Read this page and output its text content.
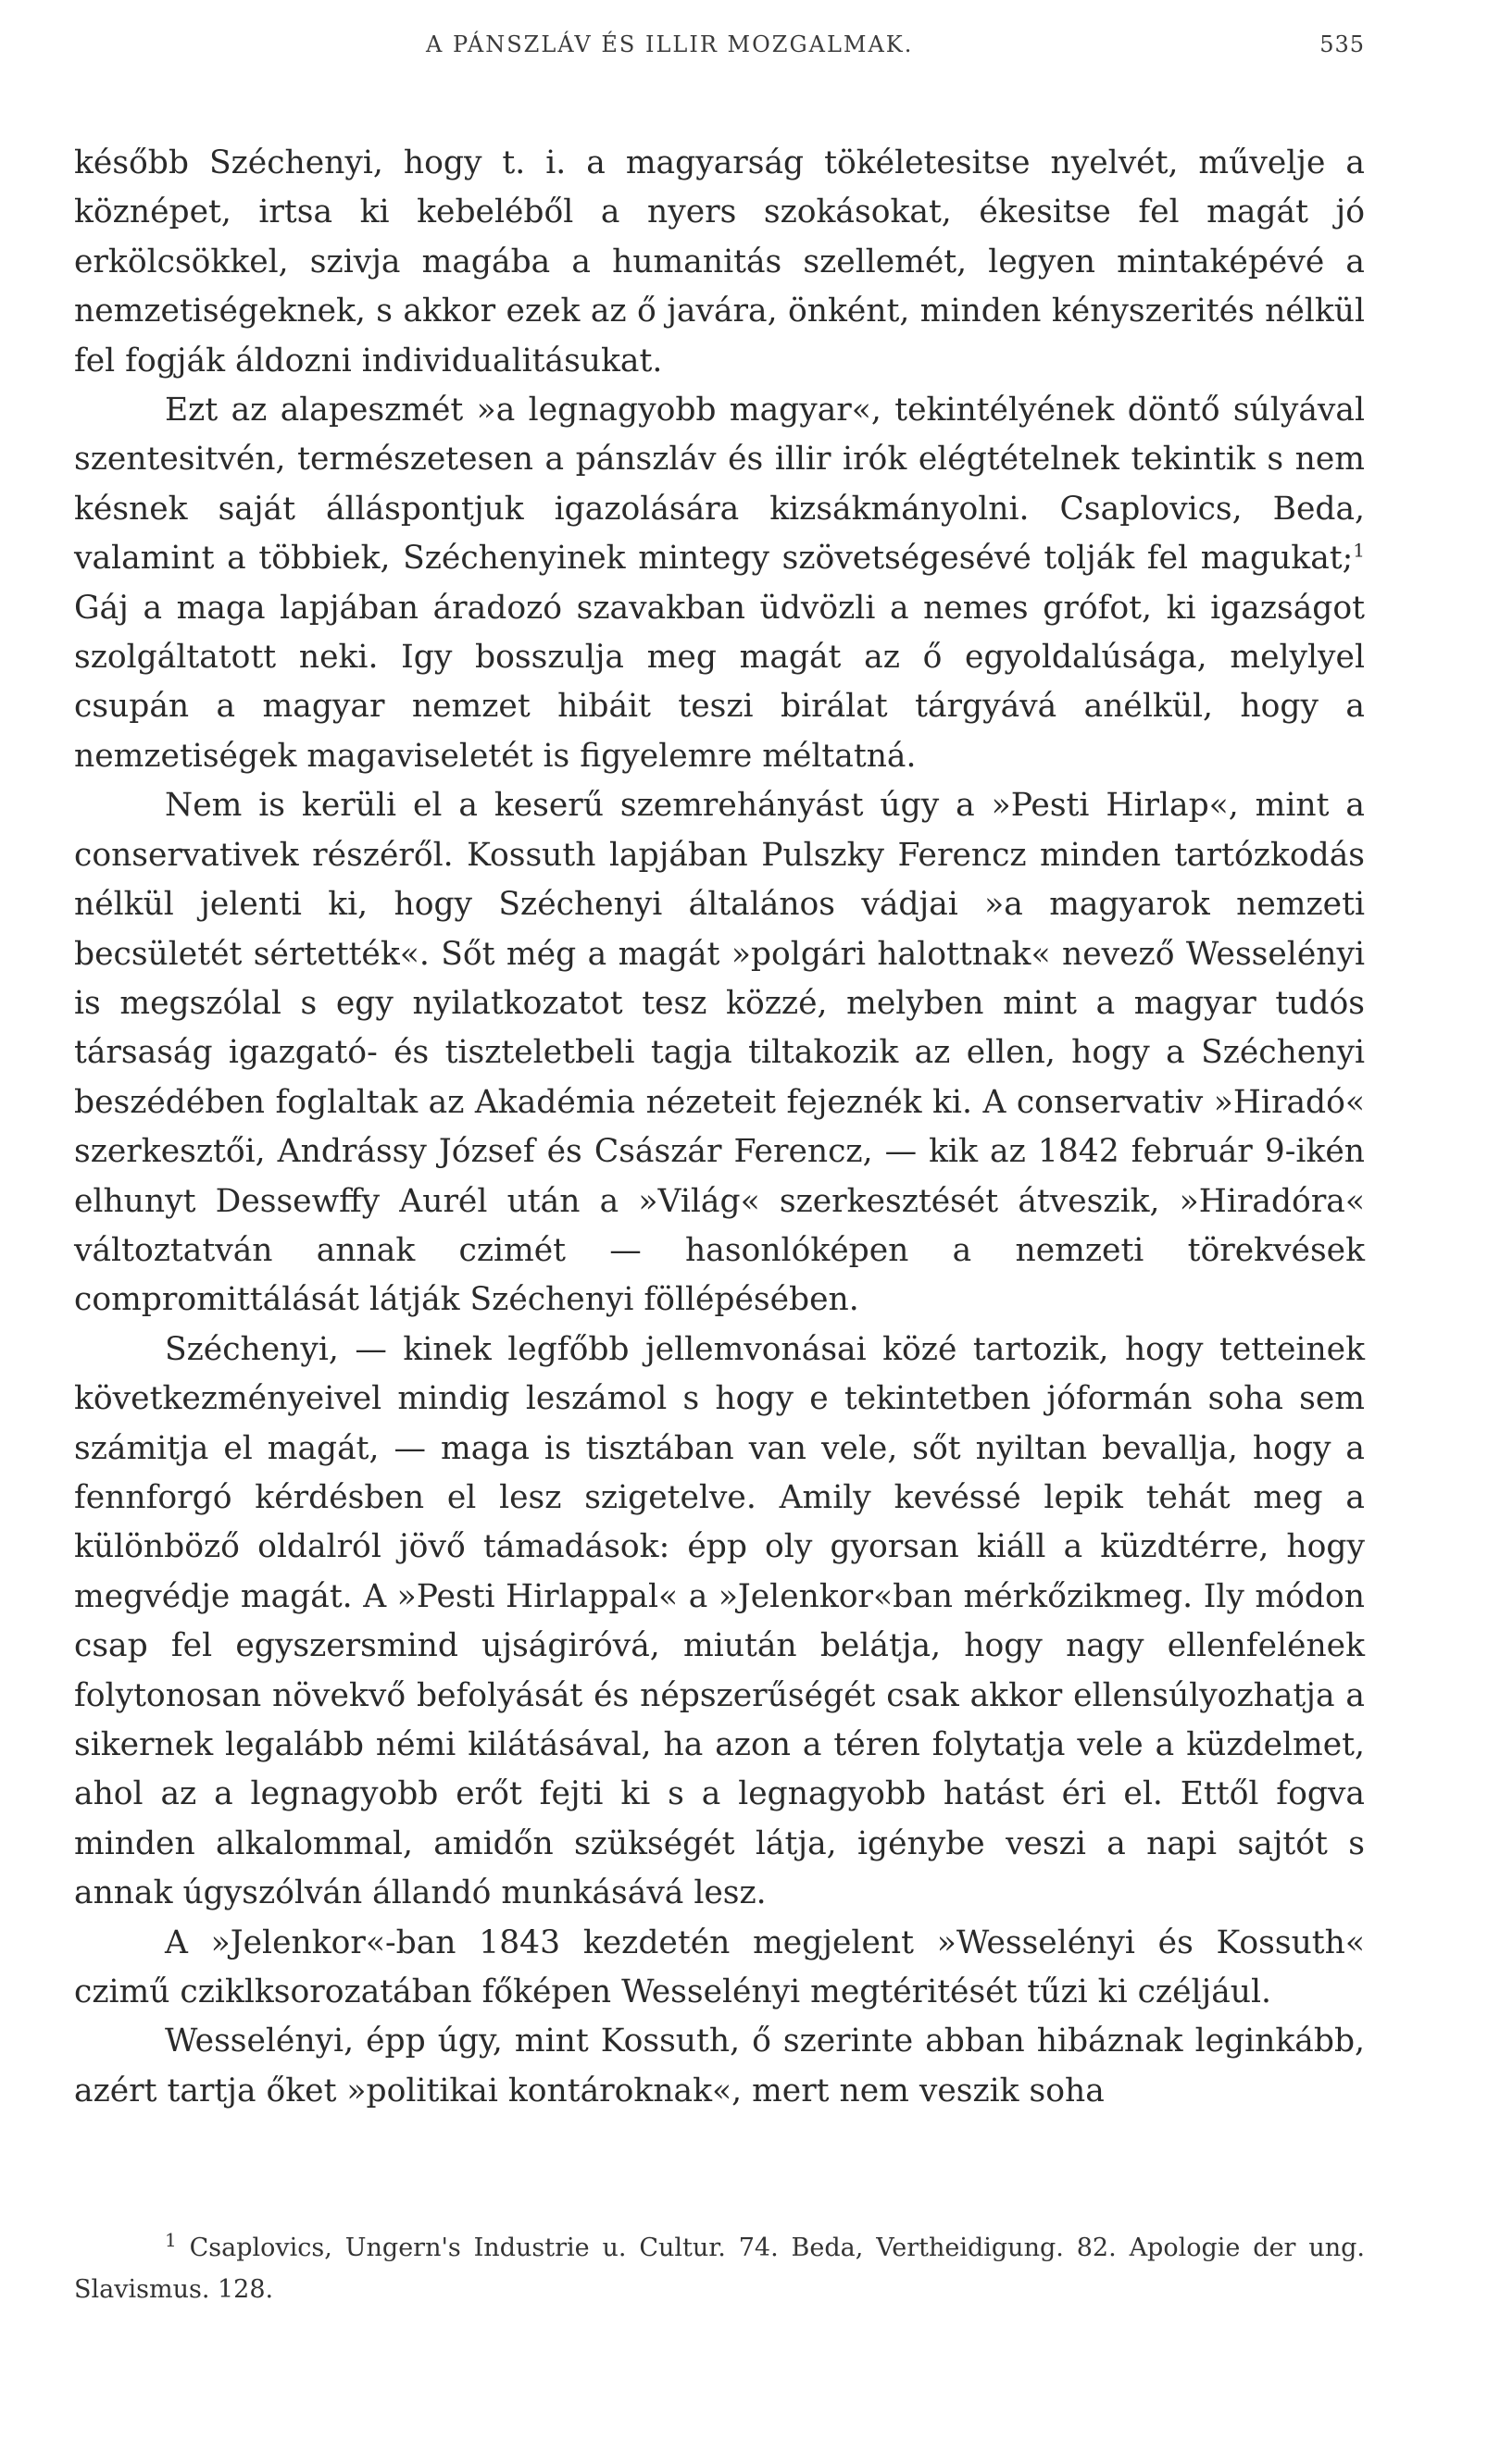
A PÁNSZLÁV ÉS ILLIR MOZGALMAK.	535

később Széchenyi, hogy t. i. a magyarság tökéletesitse nyelvét, művelje a köznépet, irtsa ki kebeléből a nyers szokásokat, ékesitse fel magát jó erkölcsökkel, szivja magába a humanitás szellemét, legyen mintaképévé a nemzetiségeknek, s akkor ezek az ő javára, önként, minden kényszerités nélkül fel fogják áldozni individualitásukat.

Ezt az alapeszmét »a legnagyobb magyar«, tekintélyének döntő súlyával szentesitvén, természetesen a pánszláv és illir irók elégtételnek tekintik s nem késnek saját álláspontjuk igazolására kizsákmányolni. Csaplovics, Beda, valamint a többiek, Széchenyinek mintegy szövetségesévé tolják fel magukat;$^1$ Gáj a maga lapjában áradozó szavakban üdvözli a nemes grófot, ki igazságot szolgáltatott neki. Igy bosszulja meg magát az ő egyoldalúsága, melylyel csupán a magyar nemzet hibáit teszi birálat tárgyává anélkül, hogy a nemzetiségek magaviseletét is figyelemre méltatná.

Nem is kerüli el a keserű szemrehányást úgy a »Pesti Hirlap«, mint a conservativek részéről. Kossuth lapjában Pulszky Ferencz minden tartózkodás nélkül jelenti ki, hogy Széchenyi általános vádjai »a magyarok nemzeti becsületét sértették«. Sőt még a magát »polgári halottnak« nevező Wesselényi is megszólal s egy nyilatkozatot tesz közzé, melyben mint a magyar tudós társaság igazgató- és tiszteletbeli tagja tiltakozik az ellen, hogy a Széchenyi beszédében foglaltak az Akadémia nézeteit fejeznék ki. A conservativ »Hiradó« szerkesztői, Andrássy József és Császár Ferencz, — kik az 1842 február 9-ikén elhunyt Dessewffy Aurél után a »Világ« szerkesztését átveszik, »Hiradóra« változtatván annak czimét — hasonlóképen a nemzeti törekvések compromittálását látják Széchenyi föllépésében.

Széchenyi, — kinek legfőbb jellemvonásai közé tartozik, hogy tetteinek következményeivel mindig leszámol s hogy e tekintetben jóformán soha sem számitja el magát, — maga is tisztában van vele, sőt nyiltan bevallja, hogy a fennforgó kérdésben el lesz szigetelve. Amily kevéssé lepik tehát meg a különböző oldalról jövő támadások: épp oly gyorsan kiáll a küzdtérre, hogy megvédje magát. A »Pesti Hirlappal« a »Jelenkor«ban mérkőzikmeg. Ily módon csap fel egyszersmind ujságiróvá, miután belátja, hogy nagy ellenfelének folytonosan növekvő befolyását és népszerűségét csak akkor ellensúlyozhatja a sikernek legalább némi kilátásával, ha azon a téren folytatja vele a küzdelmet, ahol az a legnagyobb erőt fejti ki s a legnagyobb hatást éri el. Ettől fogva minden alkalommal, amidőn szükségét látja, igénybe veszi a napi sajtót s annak úgyszólván állandó munkásává lesz.

A »Jelenkor«-ban 1843 kezdetén megjelent »Wesselényi és Kossuth« czimű cziklksorozatában főképen Wesselényi megtéritését tűzi ki czéljául.

Wesselényi, épp úgy, mint Kossuth, ő szerinte abban hibáznak leginkább, azért tartja őket »politikai kontároknak«, mert nem veszik soha

$^1$ Csaplovics, Ungern's Industrie u. Cultur. 74. Beda, Vertheidigung. 82. Apologie der ung. Slavismus. 128.
